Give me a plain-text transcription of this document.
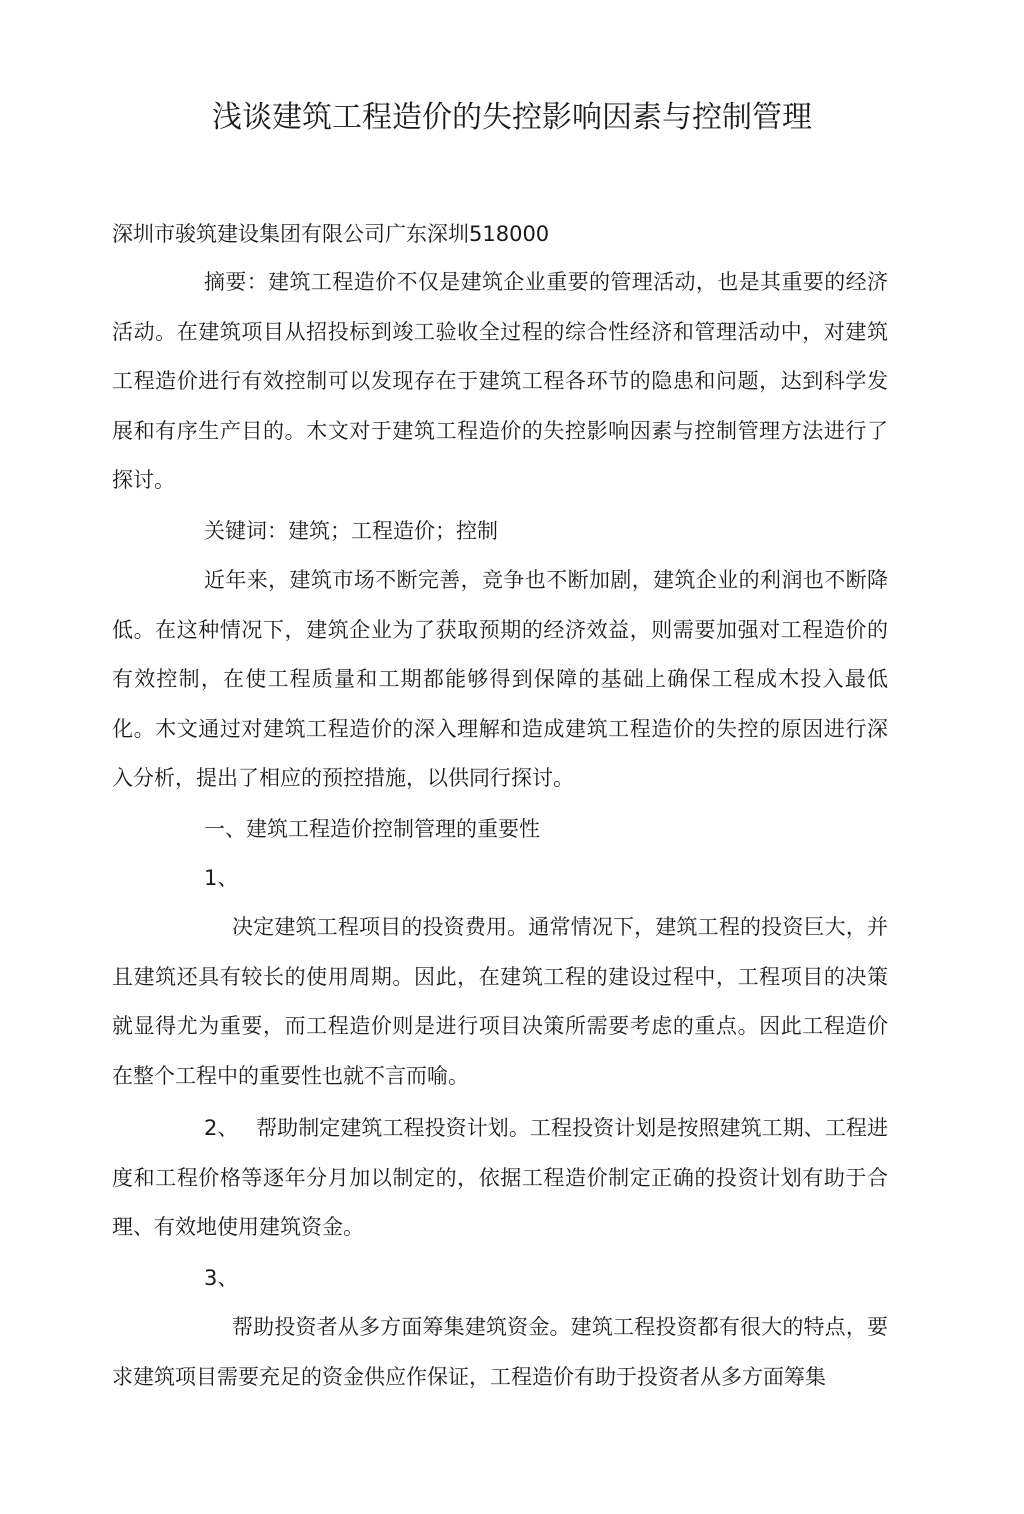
浅谈建筑工程造价的失控影响因素与控制管理
深圳市骏筑建设集团有限公司广东深圳518000

摘要：建筑工程造价不仅是建筑企业重要的管理活动，也是其重要的经济活动。在建筑项目从招投标到竣工验收全过程的综合性经济和管理活动中，对建筑工程造价进行有效控制可以发现存在于建筑工程各环节的隐患和问题，达到科学发展和有序生产目的。木文对于建筑工程造价的失控影响因素与控制管理方法进行了探讨。

关键词：建筑；工程造价；控制

近年来，建筑市场不断完善，竞争也不断加剧，建筑企业的利润也不断降低。在这种情况下，建筑企业为了获取预期的经济效益，则需要加强对工程造价的有效控制，在使工程质量和工期都能够得到保障的基础上确保工程成木投入最低化。木文通过对建筑工程造价的深入理解和造成建筑工程造价的失控的原因进行深入分析，提出了相应的预控措施，以供同行探讨。

一、建筑工程造价控制管理的重要性

1、

决定建筑工程项目的投资费用。通常情况下，建筑工程的投资巨大，并且建筑还具有较长的使用周期。因此，在建筑工程的建设过程中，工程项目的决策就显得尤为重要，而工程造价则是进行项目决策所需要考虑的重点。因此工程造价在整个工程中的重要性也就不言而喻。

2、 帮助制定建筑工程投资计划。工程投资计划是按照建筑工期、工程进度和工程价格等逐年分月加以制定的，依据工程造价制定正确的投资计划有助于合理、有效地使用建筑资金。

3、

帮助投资者从多方面筹集建筑资金。建筑工程投资都有很大的特点，要求建筑项目需要充足的资金供应作保证，工程造价有助于投资者从多方面筹集
